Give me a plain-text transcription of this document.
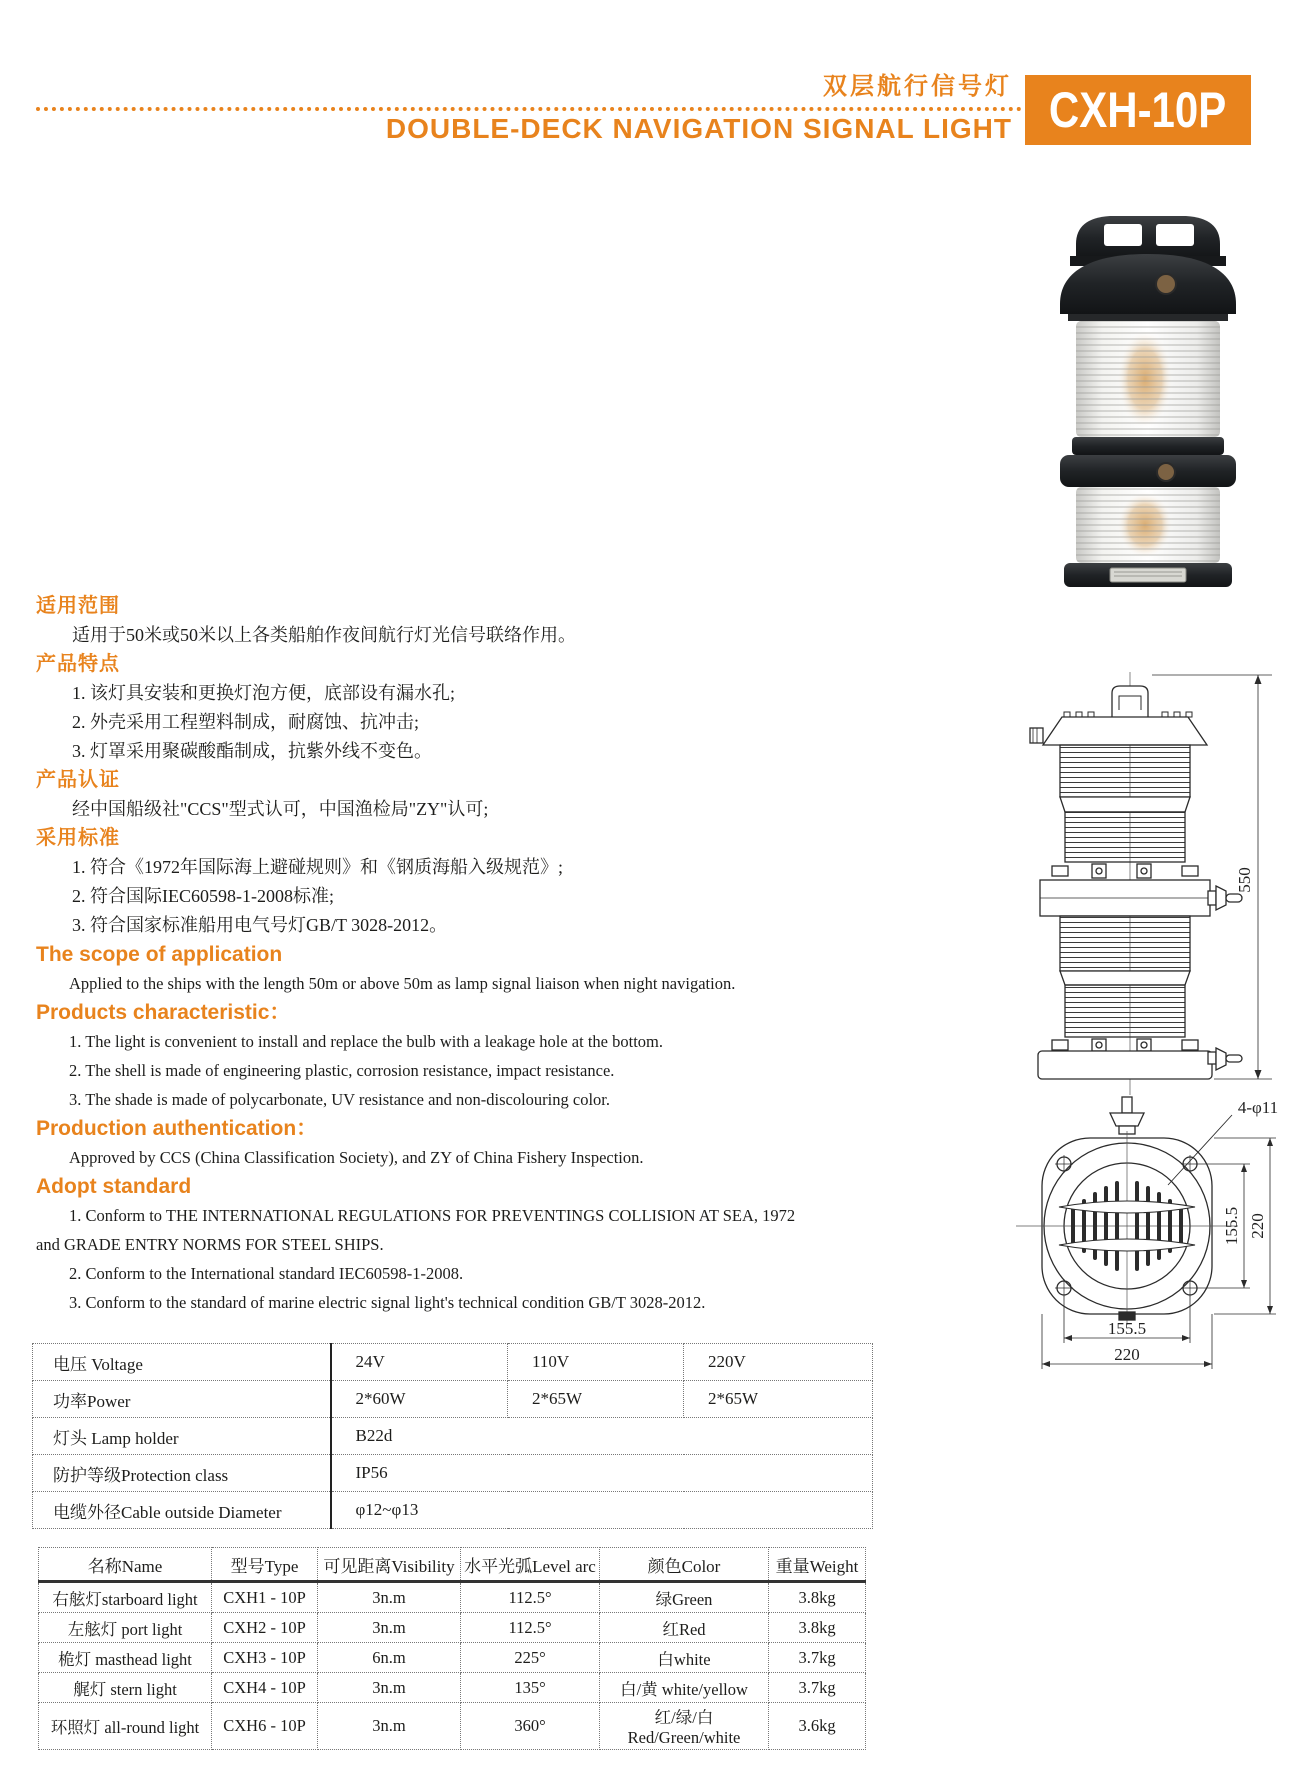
双层航行信号灯
DOUBLE-DECK NAVIGATION SIGNAL LIGHT CXH-10P
适用范围

适用于50米或50米以上各类船舶作夜间航行灯光信号联络作用。

产品特点

1. 该灯具安装和更换灯泡方便，底部设有漏水孔;

2. 外壳采用工程塑料制成，耐腐蚀、抗冲击;

3. 灯罩采用聚碳酸酯制成，抗紫外线不变色。

产品认证

经中国船级社"CCS"型式认可，中国渔检局"ZY"认可;

采用标准

1. 符合《1972年国际海上避碰规则》和《钢质海船入级规范》;

2. 符合国际IEC60598-1-2008标准;

3. 符合国家标准船用电气号灯GB/T 3028-2012。

The scope of application

Applied to the ships with the length 50m or above 50m as lamp signal liaison when night navigation.

Products characteristic：

1. The light is convenient to install and replace the bulb with a leakage hole at the bottom.

2. The shell is made of engineering plastic, corrosion resistance, impact resistance.

3. The shade is made of polycarbonate, UV resistance and non-discolouring color.

Production authentication：

Approved by CCS (China Classification Society), and ZY of China Fishery Inspection.

Adopt standard

1. Conform to THE INTERNATIONAL REGULATIONS FOR PREVENTINGS COLLISION AT SEA, 1972 and GRADE ENTRY NORMS FOR STEEL SHIPS.

2. Conform to the International standard IEC60598-1-2008.

3. Conform to the standard of marine electric signal light's technical condition GB/T 3028-2012.

电压 Voltage	24V	110V	220V
功率Power	2*60W	2*65W	2*65W
灯头 Lamp holder	B22d		
防护等级Protection class	IP56		
电缆外径Cable outside Diameter	φ12~φ13		
名称Name	型号Type	可见距离Visibility	水平光弧Level arc	颜色Color	重量Weight
右舷灯starboard light	CXH1 - 10P	3n.m	112.5°	绿Green	3.8kg
左舷灯 port light	CXH2 - 10P	3n.m	112.5°	红Red	3.8kg
桅灯 masthead light	CXH3 - 10P	6n.m	225°	白white	3.7kg
艉灯 stern light	CXH4 - 10P	3n.m	135°	白/黄 white/yellow	3.7kg
环照灯 all-round light	CXH6 - 10P	3n.m	360°	红/绿/白 Red/Green/white	3.6kg
550
4-φ11
155.5 220
155.5
220
